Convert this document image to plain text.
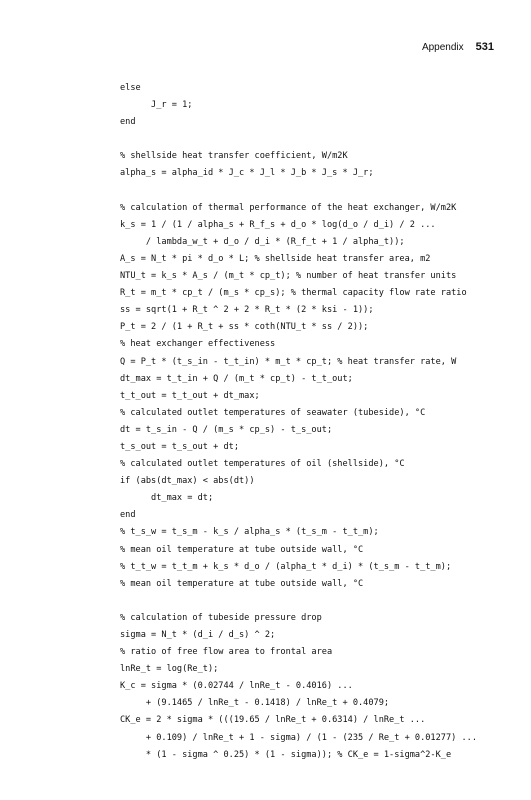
Appendix 531
else
J_r = 1;
end
% shellside heat transfer coefficient, W/m2K
alpha_s = alpha_id * J_c * J_l * J_b * J_s * J_r;
% calculation of thermal performance of the heat exchanger, W/m2K
k_s = 1 / (1 / alpha_s + R_f_s + d_o * log(d_o / d_i) / 2 ...
/ lambda_w_t + d_o / d_i * (R_f_t + 1 / alpha_t));
A_s = N_t * pi * d_o * L; % shellside heat transfer area, m2
NTU_t = k_s * A_s / (m_t * cp_t); % number of heat transfer units
R_t = m_t * cp_t / (m_s * cp_s); % thermal capacity flow rate ratio
ss = sqrt(1 + R_t ^ 2 + 2 * R_t * (2 * ksi - 1));
P_t = 2 / (1 + R_t + ss * coth(NTU_t * ss / 2));
% heat exchanger effectiveness
Q = P_t * (t_s_in - t_t_in) * m_t * cp_t; % heat transfer rate, W
dt_max = t_t_in + Q / (m_t * cp_t) - t_t_out;
t_t_out = t_t_out + dt_max;
% calculated outlet temperatures of seawater (tubeside), °C
dt = t_s_in - Q / (m_s * cp_s) - t_s_out;
t_s_out = t_s_out + dt;
% calculated outlet temperatures of oil (shellside), °C
if (abs(dt_max) < abs(dt))
dt_max = dt;
end
% t_s_w = t_s_m - k_s / alpha_s * (t_s_m - t_t_m);
% mean oil temperature at tube outside wall, °C
% t_t_w = t_t_m + k_s * d_o / (alpha_t * d_i) * (t_s_m - t_t_m);
% mean oil temperature at tube outside wall, °C
% calculation of tubeside pressure drop
sigma = N_t * (d_i / d_s) ^ 2;
% ratio of free flow area to frontal area
lnRe_t = log(Re_t);
K_c = sigma * (0.02744 / lnRe_t - 0.4016) ...
+ (9.1465 / lnRe_t - 0.1418) / lnRe_t + 0.4079;
CK_e = 2 * sigma * (((19.65 / lnRe_t + 0.6314) / lnRe_t ...
+ 0.109) / lnRe_t + 1 - sigma) / (1 - (235 / Re_t + 0.01277) ...
* (1 - sigma ^ 0.25) * (1 - sigma)); % CK_e = 1-sigma^2-K_e
